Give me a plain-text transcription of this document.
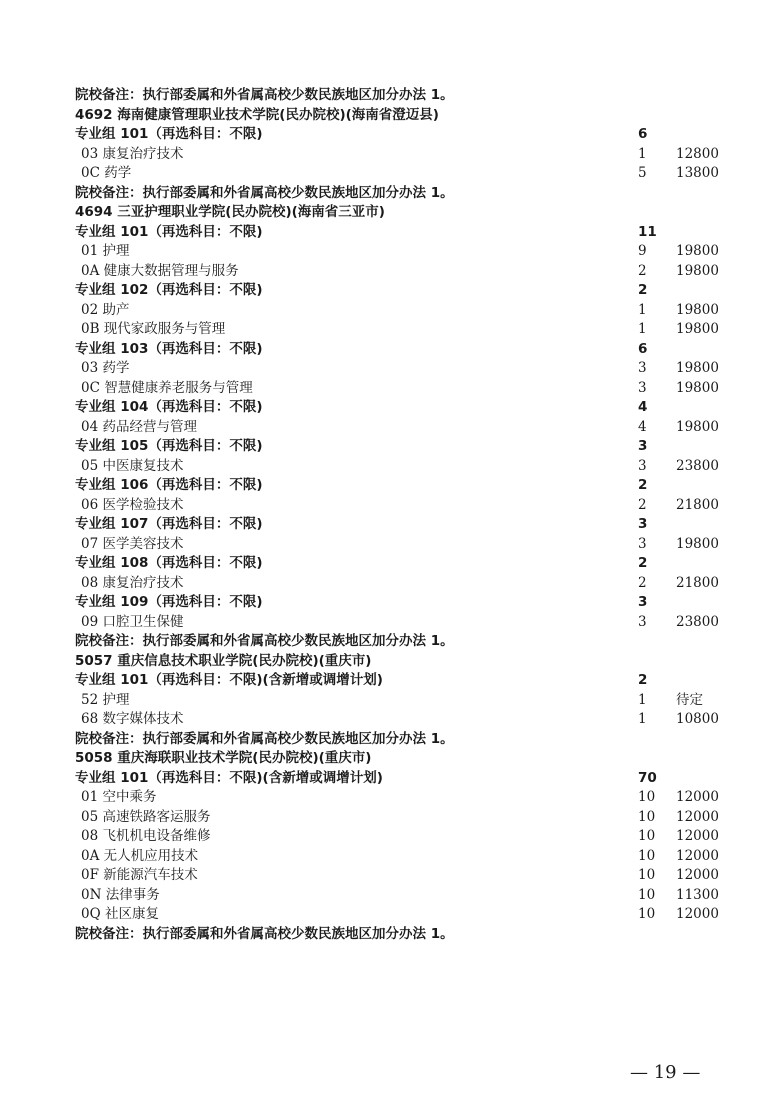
院校备注：执行部委属和外省属高校少数民族地区加分办法 1。
4692 海南健康管理职业技术学院(民办院校)(海南省澄迈县)
专业组 101（再选科目：不限)	6
03 康复治疗技术	1 12800
0C 药学	5 13800
院校备注：执行部委属和外省属高校少数民族地区加分办法 1。
4694 三亚护理职业学院(民办院校)(海南省三亚市)
专业组 101（再选科目：不限)	11
01 护理	9 19800
0A 健康大数据管理与服务	2 19800
专业组 102（再选科目：不限)	2
02 助产	1 19800
0B 现代家政服务与管理	1 19800
专业组 103（再选科目：不限)	6
03 药学	3 19800
0C 智慧健康养老服务与管理	3 19800
专业组 104（再选科目：不限)	4
04 药品经营与管理	4 19800
专业组 105（再选科目：不限)	3
05 中医康复技术	3 23800
专业组 106（再选科目：不限)	2
06 医学检验技术	2 21800
专业组 107（再选科目：不限)	3
07 医学美容技术	3 19800
专业组 108（再选科目：不限)	2
08 康复治疗技术	2 21800
专业组 109（再选科目：不限)	3
09 口腔卫生保健	3 23800
院校备注：执行部委属和外省属高校少数民族地区加分办法 1。
5057 重庆信息技术职业学院(民办院校)(重庆市)
专业组 101（再选科目：不限)(含新增或调增计划)	2
52 护理	1 待定
68 数字媒体技术	1 10800
院校备注：执行部委属和外省属高校少数民族地区加分办法 1。
5058 重庆海联职业技术学院(民办院校)(重庆市)
专业组 101（再选科目：不限)(含新增或调增计划)	70
01 空中乘务	10 12000
05 高速铁路客运服务	10 12000
08 飞机机电设备维修	10 12000
0A 无人机应用技术	10 12000
0F 新能源汽车技术	10 12000
0N 法律事务	10 11300
0Q 社区康复	10 12000
院校备注：执行部委属和外省属高校少数民族地区加分办法 1。
— 19 —
